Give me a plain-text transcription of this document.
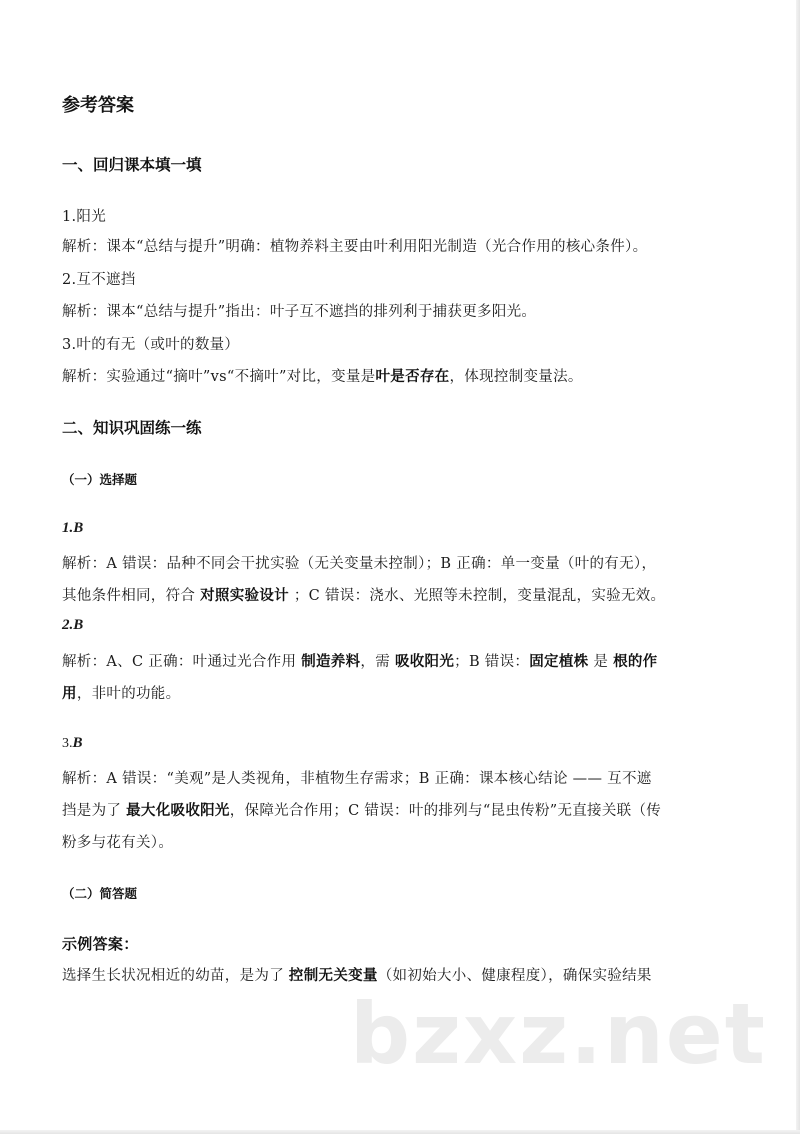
参考答案
一、回归课本填一填
1.阳光
解析：课本“总结与提升”明确：植物养料主要由叶利用阳光制造（光合作用的核心条件）。
2.互不遮挡
解析：课本“总结与提升”指出：叶子互不遮挡的排列利于捕获更多阳光。
3.叶的有无（或叶的数量）
解析：实验通过“摘叶”vs“不摘叶”对比，变量是叶是否存在，体现控制变量法。
二、知识巩固练一练
（一）选择题
1.B
解析：A 错误：品种不同会干扰实验（无关变量未控制）；B 正确：单一变量（叶的有无），
其他条件相同，符合 对照实验设计 ；C 错误：浇水、光照等未控制，变量混乱，实验无效。
2.B
解析：A、C 正确：叶通过光合作用 制造养料，需 吸收阳光；B 错误：固定植株 是 根的作
用，非叶的功能。
3.B
解析：A 错误：“美观”是人类视角，非植物生存需求；B 正确：课本核心结论 —— 互不遮
挡是为了 最大化吸收阳光，保障光合作用；C 错误：叶的排列与“昆虫传粉”无直接关联（传
粉多与花有关）。
（二）简答题
示例答案：
选择生长状况相近的幼苗，是为了 控制无关变量（如初始大小、健康程度），确保实验结果
bzxz.net
